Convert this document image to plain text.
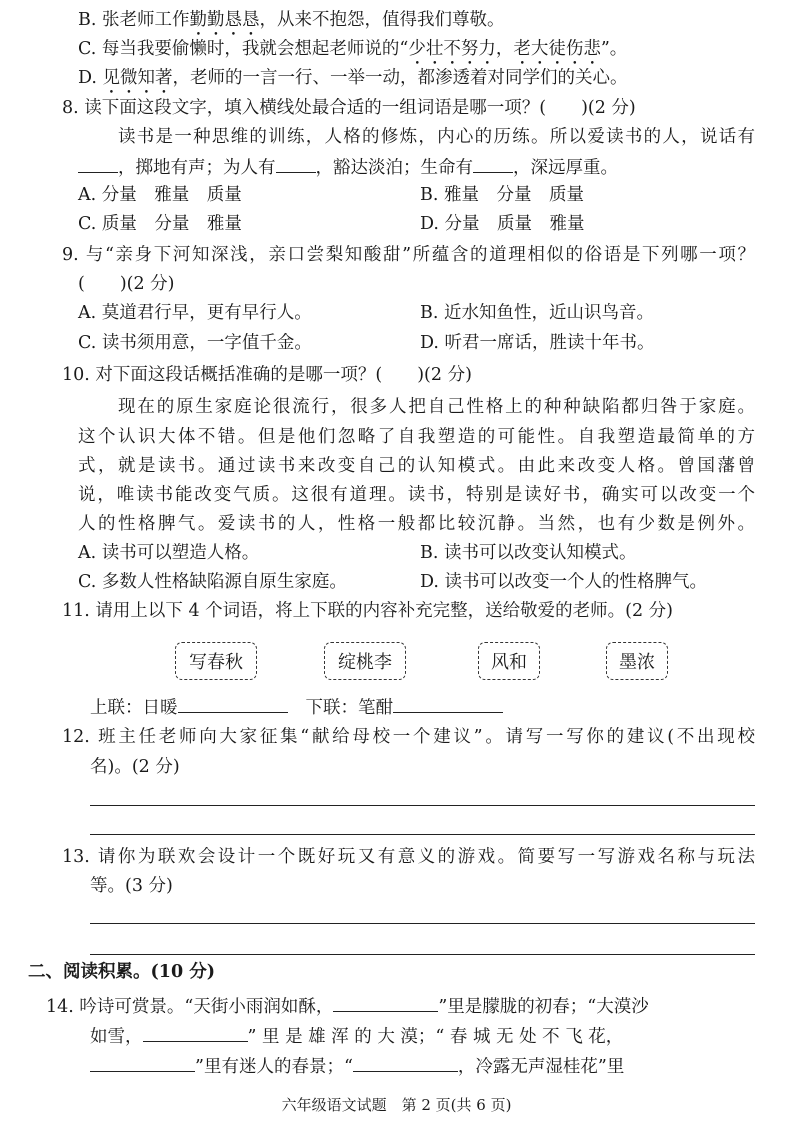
B. 张老师工作勤勤恳恳，从来不抱怨，值得我们尊敬。
C. 每当我要偷懒时，我就会想起老师说的“少壮不努力，老大徒伤悲”。
D. 见微知著，老师的一言一行、一举一动，都渗透着对同学们的关心。
8. 读下面这段文字，填入横线处最合适的一组词语是哪一项？(　　)(2 分)
读书是一种思维的训练，人格的修炼，内心的历练。所以爱读书的人，说话有
，掷地有声；为人有 ，豁达淡泊；生命有 ，深远厚重。
A. 分量　雅量　质量	B. 雅量　分量　质量
C. 质量　分量　雅量	D. 分量　质量　雅量
9. 与“亲身下河知深浅，亲口尝梨知酸甜”所蕴含的道理相似的俗语是下列哪一项？
(　　)(2 分)
A. 莫道君行早，更有早行人。	B. 近水知鱼性，近山识鸟音。
C. 读书须用意，一字值千金。	D. 听君一席话，胜读十年书。
10. 对下面这段话概括准确的是哪一项？(　　)(2 分)
现在的原生家庭论很流行，很多人把自己性格上的种种缺陷都归咎于家庭。
这个认识大体不错。但是他们忽略了自我塑造的可能性。自我塑造最简单的方
式，就是读书。通过读书来改变自己的认知模式。由此来改变人格。曾国藩曾
说，唯读书能改变气质。这很有道理。读书，特别是读好书，确实可以改变一个
人的性格脾气。爱读书的人，性格一般都比较沉静。当然，也有少数是例外。
A. 读书可以塑造人格。	B. 读书可以改变认知模式。
C. 多数人性格缺陷源自原生家庭。	D. 读书可以改变一个人的性格脾气。
11. 请用上以下 4 个词语，将上下联的内容补充完整，送给敬爱的老师。(2 分)
写春秋	绽桃李	风和	墨浓
上联：日暖	下联：笔酣
12. 班主任老师向大家征集“献给母校一个建议”。请写一写你的建议(不出现校
名)。(2 分)
13. 请你为联欢会设计一个既好玩又有意义的游戏。简要写一写游戏名称与玩法
等。(3 分)
二、阅读积累。(10 分)
14. 吟诗可赏景。“天街小雨润如酥，	”里是朦胧的初春；“大漠沙
如雪，	” 里 是 雄 浑 的 大 漠；“ 春 城 无 处 不 飞 花，
”里有迷人的春景；“	，冷露无声湿桂花”里
六年级语文试题　第 2 页(共 6 页)
